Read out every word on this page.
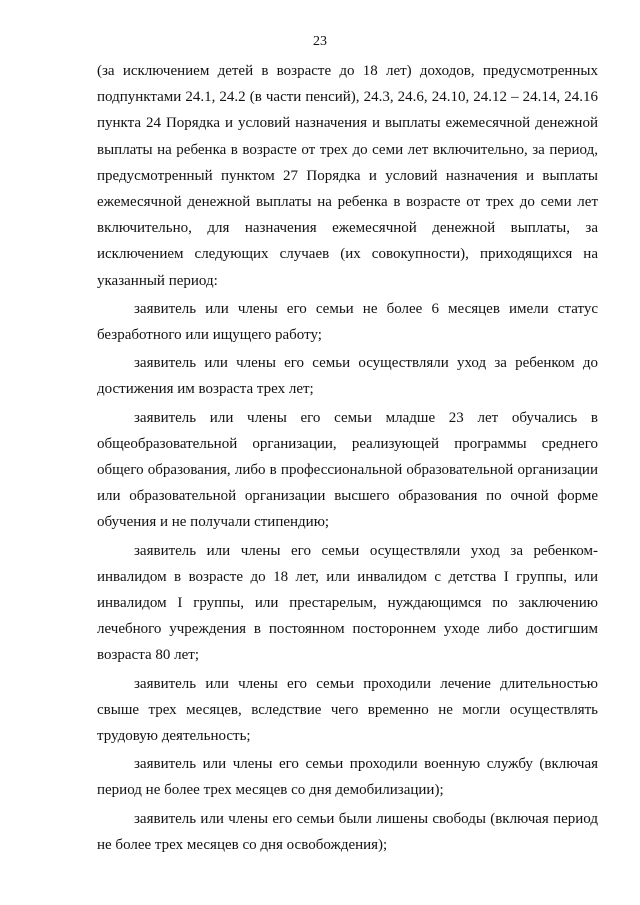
23

(за исключением детей в возрасте до 18 лет) доходов, предусмотренных подпунктами 24.1, 24.2 (в части пенсий), 24.3, 24.6, 24.10, 24.12 – 24.14, 24.16 пункта 24 Порядка и условий назначения и выплаты ежемесячной денежной выплаты на ребенка в возрасте от трех до семи лет включительно, за период, предусмотренный пунктом 27 Порядка и условий назначения и выплаты ежемесячной денежной выплаты на ребенка в возрасте от трех до семи лет включительно, для назначения ежемесячной денежной выплаты, за исключением следующих случаев (их совокупности), приходящихся на указанный период:

заявитель или члены его семьи не более 6 месяцев имели статус безработного или ищущего работу;

заявитель или члены его семьи осуществляли уход за ребенком до достижения им возраста трех лет;

заявитель или члены его семьи младше 23 лет обучались в общеобразовательной организации, реализующей программы среднего общего образования, либо в профессиональной образовательной организации или образовательной организации высшего образования по очной форме обучения и не получали стипендию;

заявитель или члены его семьи осуществляли уход за ребенком-инвалидом в возрасте до 18 лет, или инвалидом с детства I группы, или инвалидом I группы, или престарелым, нуждающимся по заключению лечебного учреждения в постоянном постороннем уходе либо достигшим возраста 80 лет;

заявитель или члены его семьи проходили лечение длительностью свыше трех месяцев, вследствие чего временно не могли осуществлять трудовую деятельность;

заявитель или члены его семьи проходили военную службу (включая период не более трех месяцев со дня демобилизации);

заявитель или члены его семьи были лишены свободы (включая период не более трех месяцев со дня освобождения);
